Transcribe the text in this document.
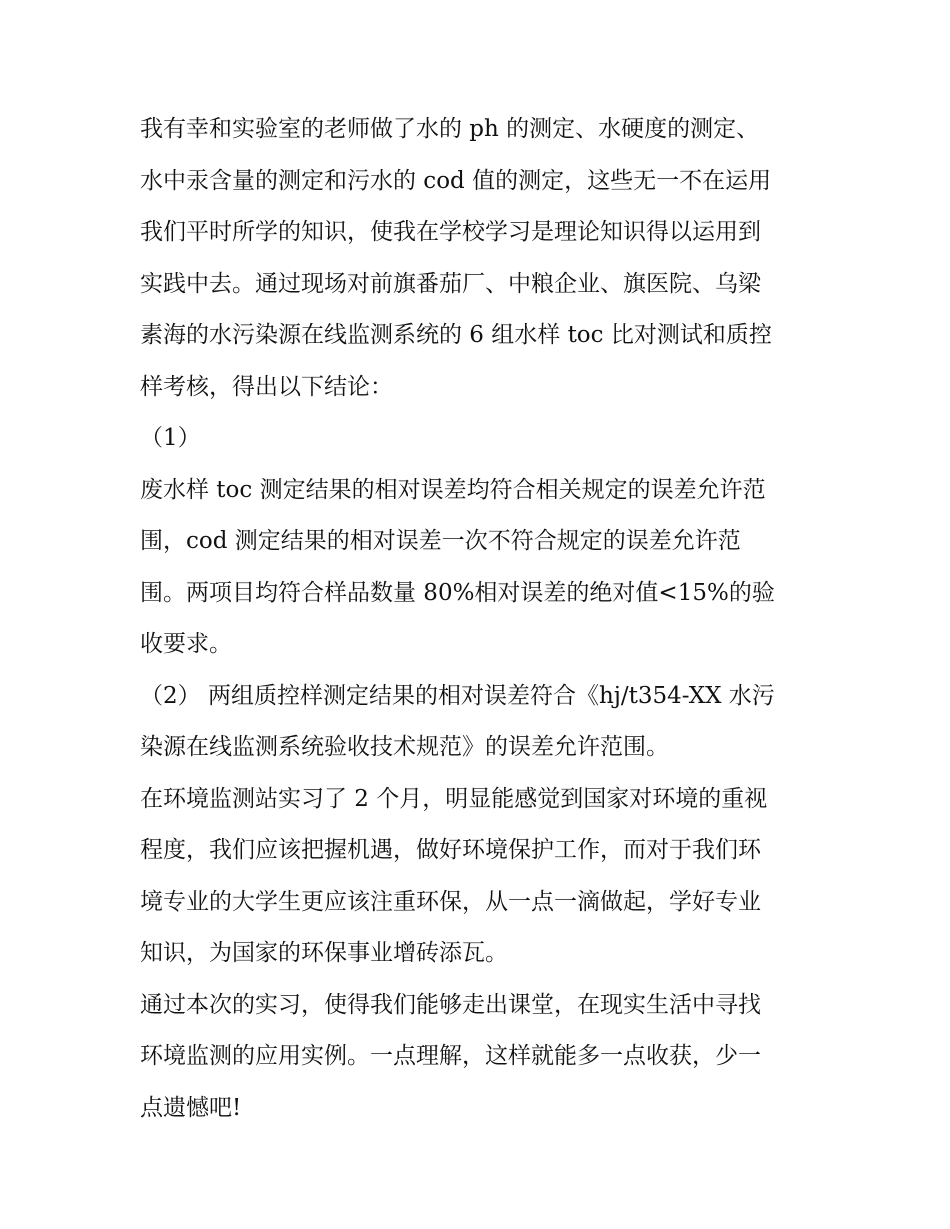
我有幸和实验室的老师做了水的 ph 的测定、水硬度的测定、
水中汞含量的测定和污水的 cod 值的测定，这些无一不在运用
我们平时所学的知识，使我在学校学习是理论知识得以运用到
实践中去。通过现场对前旗番茄厂、中粮企业、旗医院、乌梁
素海的水污染源在线监测系统的 6 组水样 toc 比对测试和质控
样考核，得出以下结论：
（1）
废水样 toc 测定结果的相对误差均符合相关规定的误差允许范
围，cod 测定结果的相对误差一次不符合规定的误差允许范
围。两项目均符合样品数量 80%相对误差的绝对值<15%的验
收要求。
（2） 两组质控样测定结果的相对误差符合《hj/t354-XX 水污
染源在线监测系统验收技术规范》的误差允许范围。
在环境监测站实习了 2 个月，明显能感觉到国家对环境的重视
程度，我们应该把握机遇，做好环境保护工作，而对于我们环
境专业的大学生更应该注重环保，从一点一滴做起，学好专业
知识，为国家的环保事业增砖添瓦。
通过本次的实习，使得我们能够走出课堂，在现实生活中寻找
环境监测的应用实例。一点理解，这样就能多一点收获，少一
点遗憾吧!
